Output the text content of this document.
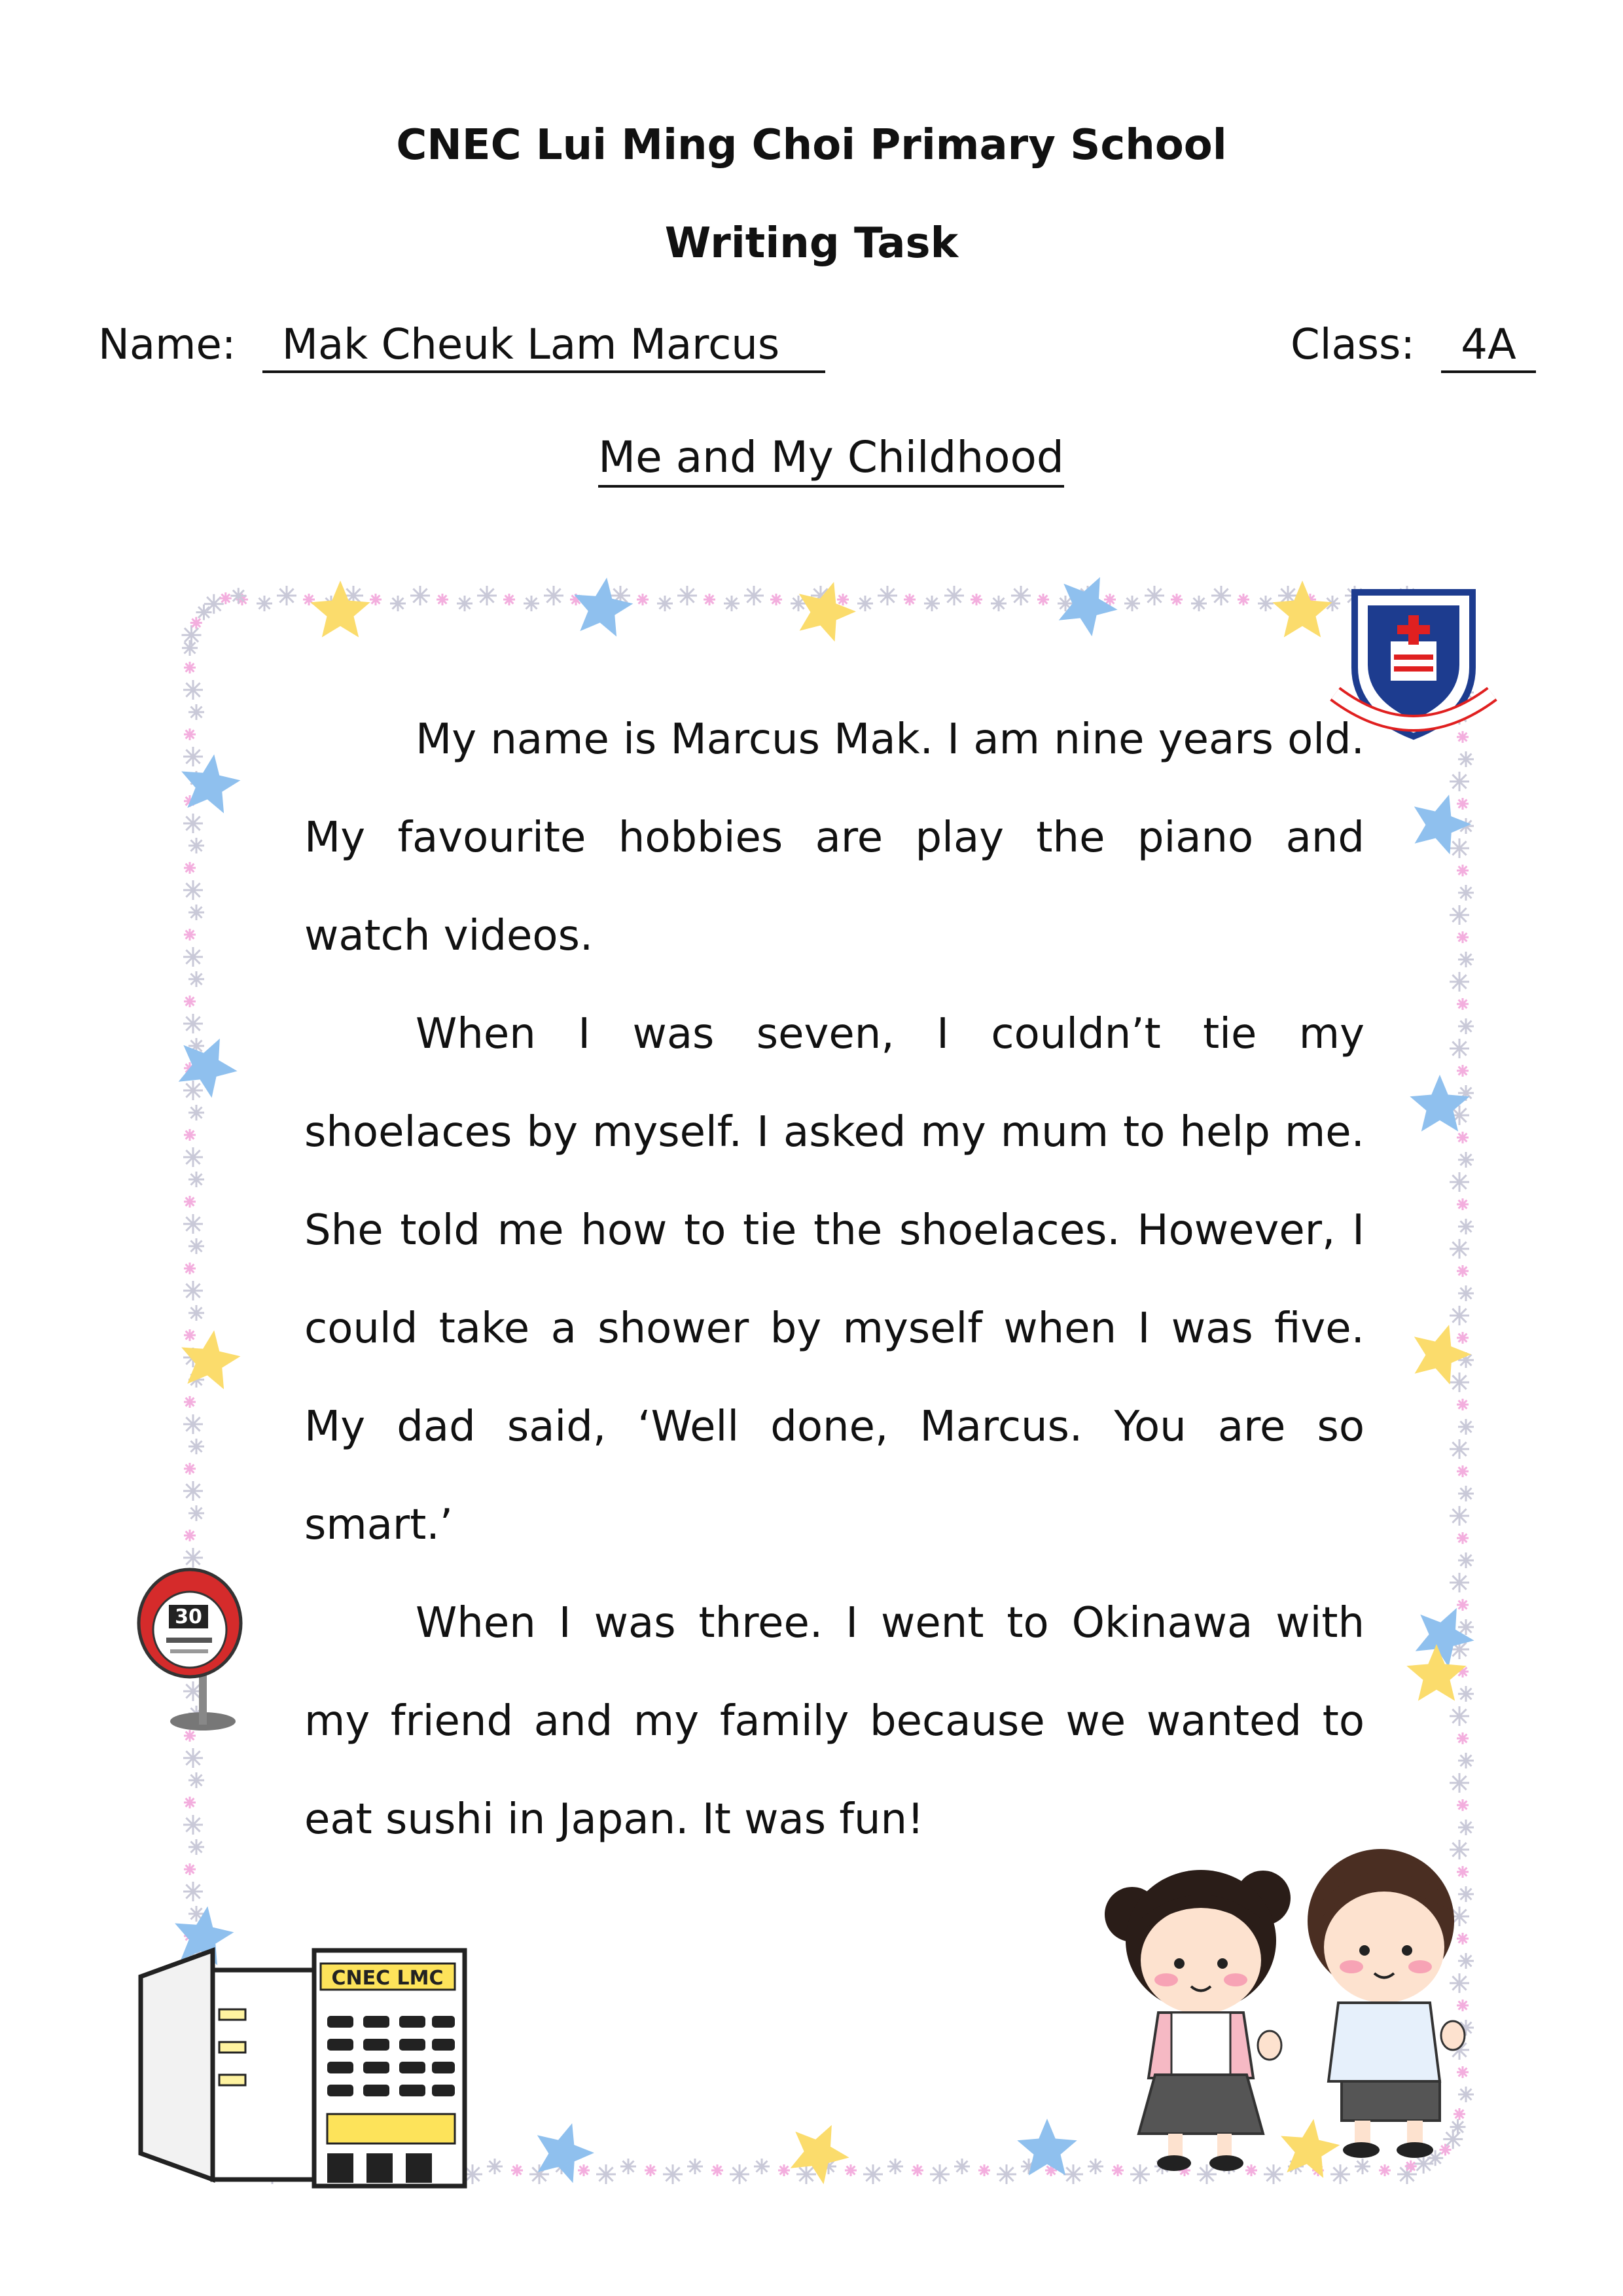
30
CNEC LMC
CNEC Lui Ming Choi Primary School
Writing Task
Name: Mak Cheuk Lam Marcus	Class: 4A
Me and My Childhood

My name is Marcus Mak. I am nine years old. My favourite hobbies are play the piano and watch videos.

When I was seven, I couldn’t tie my shoelaces by myself. I asked my mum to help me. She told me how to tie the shoelaces. However, I could take a shower by myself when I was five. My dad said, ‘Well done, Marcus. You are so smart.’

When I was three. I went to Okinawa with my friend and my family because we wanted to eat sushi in Japan. It was fun!
